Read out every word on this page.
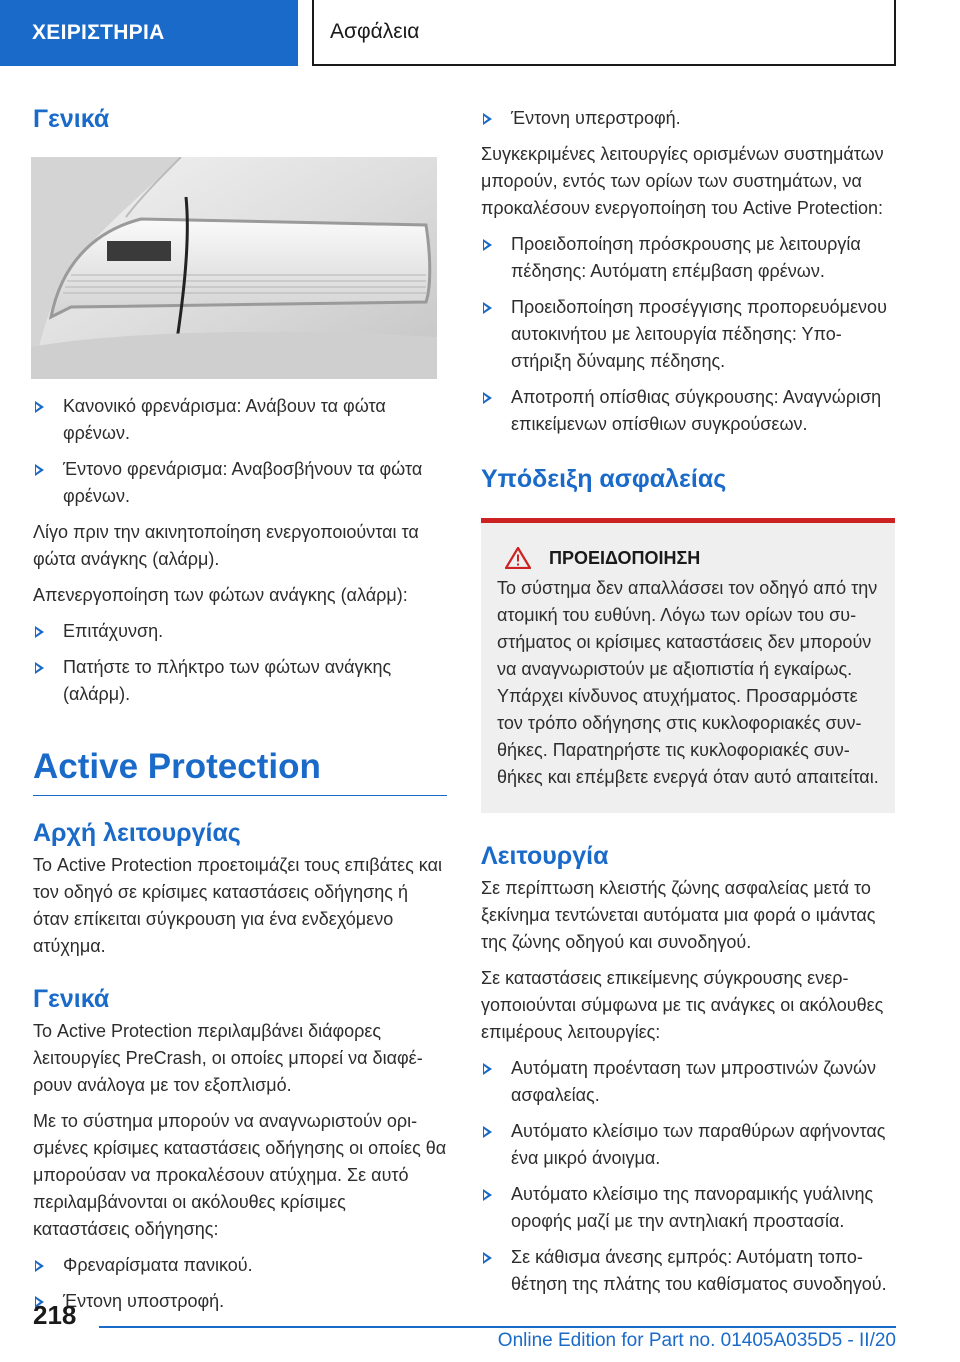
ΧΕΙΡΙΣΤΗΡΙΑ	Ασφάλεια
Γενικά
Κανονικό φρενάρισμα: Ανάβουν τα φώτα φρένων.
Έντονο φρενάρισμα: Αναβοσβήνουν τα φώτα φρένων.

Λίγο πριν την ακινητοποίηση ενεργοποιούνται τα φώτα ανάγκης (αλάρμ).

Απενεργοποίηση των φώτων ανάγκης (αλάρμ):

Επιτάχυνση.
Πατήστε το πλήκτρο των φώτων ανάγκης (αλάρμ).
Active Protection
Αρχή λειτουργίας

Το Active Protection προετοιμάζει τους επιβάτες και τον οδηγό σε κρίσιμες καταστάσεις οδήγησης ή όταν επίκειται σύγκρουση για ένα ενδεχόμενο ατύχημα.

Γενικά

Το Active Protection περιλαμβάνει διάφορες λειτουργίες PreCrash, οι οποίες μπορεί να διαφέρουν ανάλογα με τον εξοπλισμό.

Με το σύστημα μπορούν να αναγνωριστούν ορισμένες κρίσιμες καταστάσεις οδήγησης οι οποίες θα μπορούσαν να προκαλέσουν ατύχημα. Σε αυτό περιλαμβάνονται οι ακόλουθες κρίσιμες καταστάσεις οδήγησης:

Φρεναρίσματα πανικού.
Έντονη υποστροφή.
Έντονη υπερστροφή.

Συγκεκριμένες λειτουργίες ορισμένων συστημάτων μπορούν, εντός των ορίων των συστημάτων, να προκαλέσουν ενεργοποίηση του Active Protection:

Προειδοποίηση πρόσκρουσης με λειτουργία πέδησης: Αυτόματη επέμβαση φρένων.
Προειδοποίηση προσέγγισης προπορευόμενου αυτοκινήτου με λειτουργία πέδησης: Υποστήριξη δύναμης πέδησης.
Αποτροπή οπίσθιας σύγκρουσης: Αναγνώριση επικείμενων οπίσθιων συγκρούσεων.
Υπόδειξη ασφαλείας
ΠΡΟΕΙΔΟΠΟΙΗΣΗ

Το σύστημα δεν απαλλάσσει τον οδηγό από την ατομική του ευθύνη. Λόγω των ορίων του συστήματος οι κρίσιμες καταστάσεις δεν μπορούν να αναγνωριστούν με αξιοπιστία ή εγκαίρως. Υπάρχει κίνδυνος ατυχήματος. Προσαρμόστε τον τρόπο οδήγησης στις κυκλοφοριακές συνθήκες. Παρατηρήστε τις κυκλοφοριακές συνθήκες και επέμβετε ενεργά όταν αυτό απαιτείται.

Λειτουργία

Σε περίπτωση κλειστής ζώνης ασφαλείας μετά το ξεκίνημα τεντώνεται αυτόματα μια φορά ο ιμάντας της ζώνης οδηγού και συνοδηγού.

Σε καταστάσεις επικείμενης σύγκρουσης ενεργοποιούνται σύμφωνα με τις ανάγκες οι ακόλουθες επιμέρους λειτουργίες:

Αυτόματη προένταση των μπροστινών ζωνών ασφαλείας.
Αυτόματο κλείσιμο των παραθύρων αφήνοντας ένα μικρό άνοιγμα.
Αυτόματο κλείσιμο της πανοραμικής γυάλινης οροφής μαζί με την αντηλιακή προστασία.
Σε κάθισμα άνεσης εμπρός: Αυτόματη τοποθέτηση της πλάτης του καθίσματος συνοδηγού.
218
Online Edition for Part no. 01405A035D5 - II/20
